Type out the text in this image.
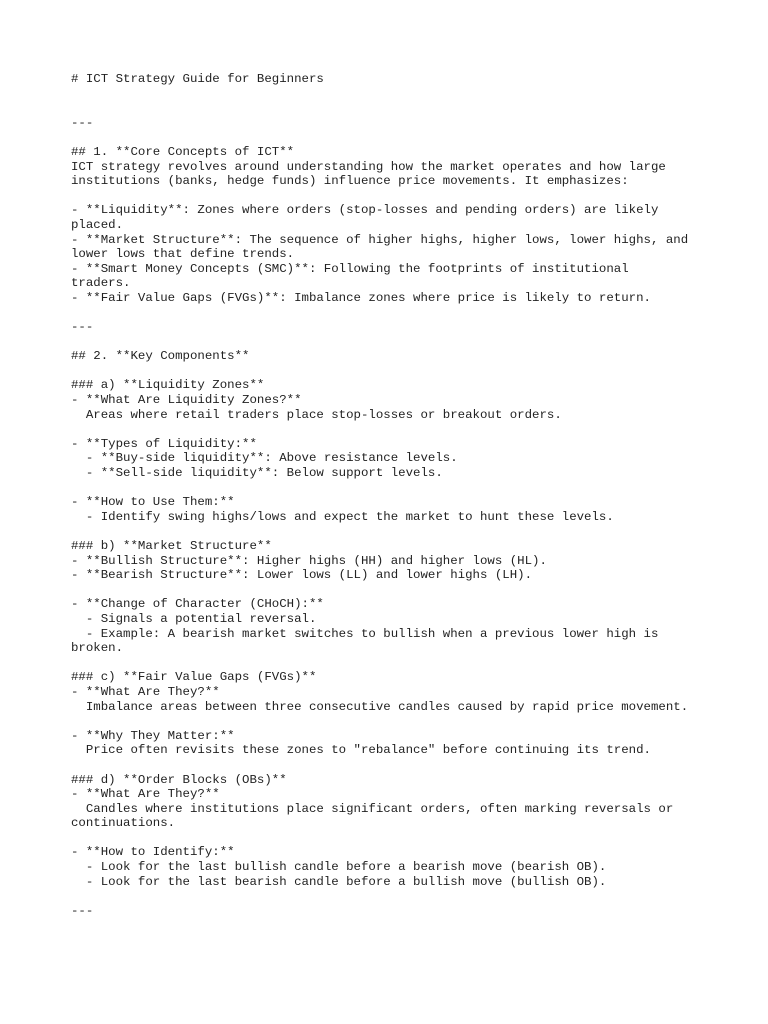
# ICT Strategy Guide for Beginners
---
## 1. **Core Concepts of ICT**
ICT strategy revolves around understanding how the market operates and how large
institutions (banks, hedge funds) influence price movements. It emphasizes:
- **Liquidity**: Zones where orders (stop-losses and pending orders) are likely
placed.
- **Market Structure**: The sequence of higher highs, higher lows, lower highs, and
lower lows that define trends.
- **Smart Money Concepts (SMC)**: Following the footprints of institutional
traders.
- **Fair Value Gaps (FVGs)**: Imbalance zones where price is likely to return.
---
## 2. **Key Components**
### a) **Liquidity Zones**
- **What Are Liquidity Zones?**
Areas where retail traders place stop-losses or breakout orders.
- **Types of Liquidity:**
- **Buy-side liquidity**: Above resistance levels.
- **Sell-side liquidity**: Below support levels.
- **How to Use Them:**
- Identify swing highs/lows and expect the market to hunt these levels.
### b) **Market Structure**
- **Bullish Structure**: Higher highs (HH) and higher lows (HL).
- **Bearish Structure**: Lower lows (LL) and lower highs (LH).
- **Change of Character (CHoCH):**
- Signals a potential reversal.
- Example: A bearish market switches to bullish when a previous lower high is
broken.
### c) **Fair Value Gaps (FVGs)**
- **What Are They?**
Imbalance areas between three consecutive candles caused by rapid price movement.
- **Why They Matter:**
Price often revisits these zones to "rebalance" before continuing its trend.
### d) **Order Blocks (OBs)**
- **What Are They?**
Candles where institutions place significant orders, often marking reversals or
continuations.
- **How to Identify:**
- Look for the last bullish candle before a bearish move (bearish OB).
- Look for the last bearish candle before a bullish move (bullish OB).
---
